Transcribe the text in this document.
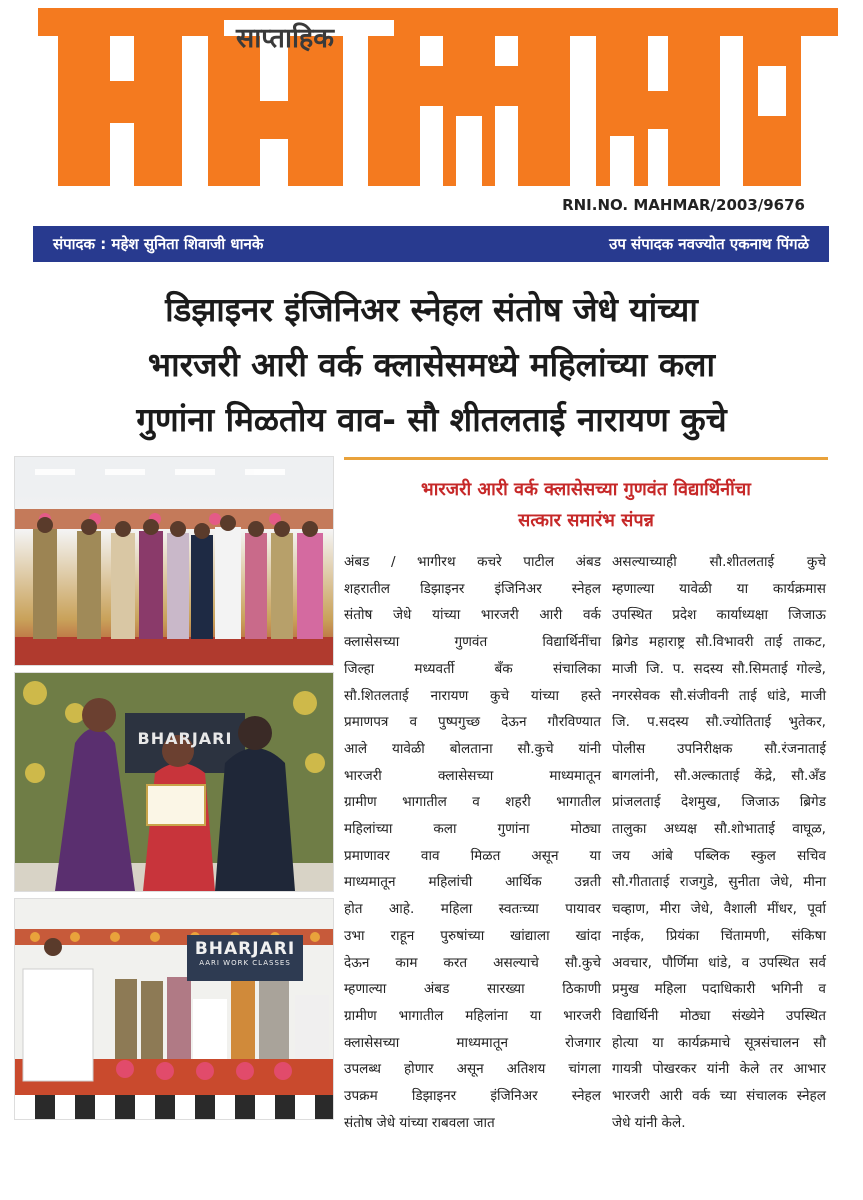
साप्ताहिक
RNI.NO. MAHMAR/2003/9676
संपादक : महेश सुनिता शिवाजी धानके	उप संपादक नवज्योत एकनाथ पिंगळे
डिझाइनर इंजिनिअर स्नेहल संतोष जेधे यांच्या
भारजरी आरी वर्क क्लासेसमध्ये महिलांच्या कला
गुणांना मिळतोय वाव- सौ शीतलताई नारायण कुचे
BHARJARI
BHARJARI
AARI WORK CLASSES
भारजरी आरी वर्क क्लासेसच्या गुणवंत विद्यार्थिनींचा
सत्कार समारंभ संपन्न
अंबड / भागीरथ कचरे पाटील अंबड
शहरातील डिझाइनर इंजिनिअर स्नेहल
संतोष जेधे यांच्या भारजरी आरी वर्क
क्लासेसच्या	गुणवंत	विद्यार्थिनींचा
जिल्हा	मध्यवर्ती	बँक	संचालिका
सौ.शितलताई नारायण कुचे यांच्या हस्ते
प्रमाणपत्र व पुष्पगुच्छ देऊन गौरविण्यात
आले यावेळी बोलताना सौ.कुचे यांनी
भारजरी	क्लासेसच्या	माध्यमातून
ग्रामीण भागातील व शहरी भागातील
महिलांच्या	कला	गुणांना	मोठ्या
प्रमाणावर वाव मिळत असून या
माध्यमातून महिलांची आर्थिक उन्नती
होत आहे. महिला स्वतःच्या पायावर
उभा राहून पुरुषांच्या खांद्याला खांदा
देऊन काम करत असल्याचे सौ.कुचे
म्हणाल्या	अंबड	सारख्या	ठिकाणी
ग्रामीण भागातील महिलांना या भारजरी
क्लासेसच्या	माध्यमातून	रोजगार
उपलब्ध होणार असून अतिशय चांगला
उपक्रम	डिझाइनर	इंजिनिअर	स्नेहल
संतोष जेधे यांच्या राबवला जात
असल्याच्याही सौ.शीतलताई कुचे
म्हणाल्या यावेळी या कार्यक्रमास
उपस्थित प्रदेश कार्याध्यक्षा जिजाऊ
ब्रिगेड महाराष्ट्र सौ.विभावरी ताई ताकट,
माजी जि. प. सदस्य सौ.सिमताई गोल्डे,
नगरसेवक सौ.संजीवनी ताई धांडे, माजी
जि. प.सदस्य सौ.ज्योतिताई भुतेकर,
पोलीस उपनिरीक्षक सौ.रंजनाताई
बागलांनी, सौ.अल्काताई केंद्रे, सौ.अँड
प्रांजलताई देशमुख, जिजाऊ ब्रिगेड
तालुका अध्यक्ष सौ.शोभाताई वाघूळ,
जय आंबे पब्लिक स्कुल सचिव
सौ.गीताताई राजगुडे, सुनीता जेधे, मीना
चव्हाण, मीरा जेधे, वैशाली मींधर, पूर्वा
नाईक, प्रियंका चिंतामणी, संकिषा
अवचार, पौर्णिमा धांडे, व उपस्थित सर्व
प्रमुख महिला पदाधिकारी भगिनी व
विद्यार्थिनी मोठ्या संख्येने उपस्थित
होत्या या कार्यक्रमाचे सूत्रसंचालन सौ
गायत्री पोखरकर यांनी केले तर आभार
भारजरी आरी वर्क च्या संचालक स्नेहल
जेधे यांनी केले.
